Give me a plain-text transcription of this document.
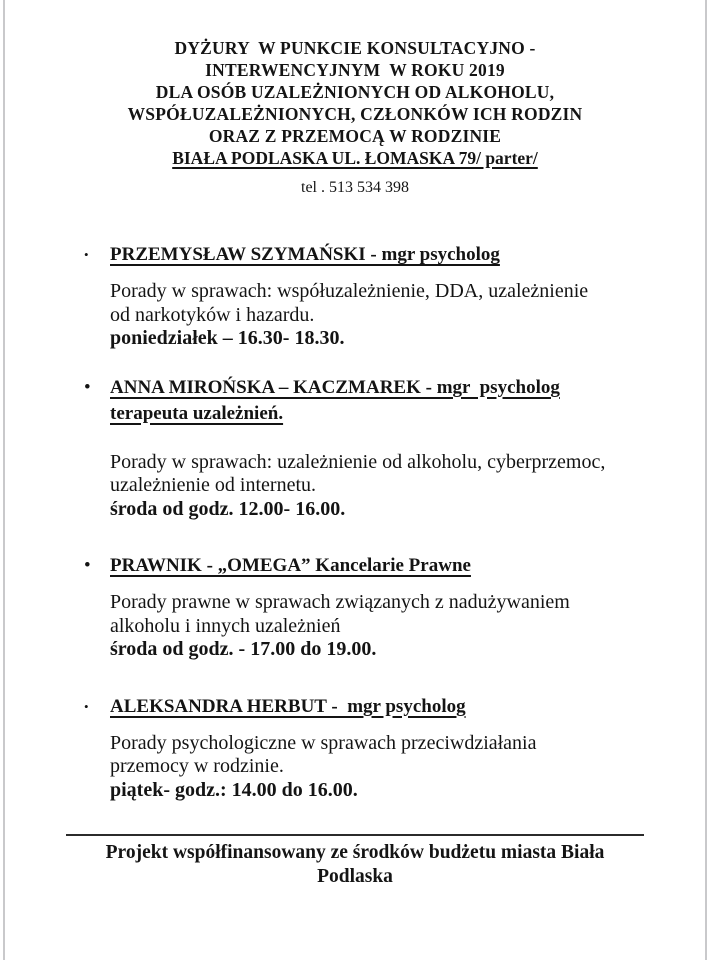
DYŻURY  W PUNKCIE KONSULTACYJNO -
INTERWENCYJNYM  W ROKU 2019
DLA OSÓB UZALEŻNIONYCH OD ALKOHOLU,
WSPÓŁUZALEŻNIONYCH, CZŁONKÓW ICH RODZIN
ORAZ Z PRZEMOCĄ W RODZINIE
BIAŁA PODLASKA UL. ŁOMASKA 79/ parter/
tel . 513 534 398
•	PRZEMYSŁAW SZYMAŃSKI - mgr psycholog

Porady w sprawach: współuzależnienie, DDA, uzależnienie
od narkotyków i hazardu.
poniedziałek – 16.30- 18.30.

•	ANNA MIROŃSKA – KACZMAREK - mgr  psycholog
terapeuta uzależnień.

Porady w sprawach: uzależnienie od alkoholu, cyberprzemoc,
uzależnienie od internetu.
środa od godz. 12.00- 16.00.

•	PRAWNIK - „OMEGA” Kancelarie Prawne

Porady prawne w sprawach związanych z nadużywaniem
alkoholu i innych uzależnień
środa od godz. - 17.00 do 19.00.

•	ALEKSANDRA HERBUT -  mgr psycholog

Porady psychologiczne w sprawach przeciwdziałania
przemocy w rodzinie.
piątek- godz.: 14.00 do 16.00.

Projekt współfinansowany ze środków budżetu miasta Biała Podlaska
